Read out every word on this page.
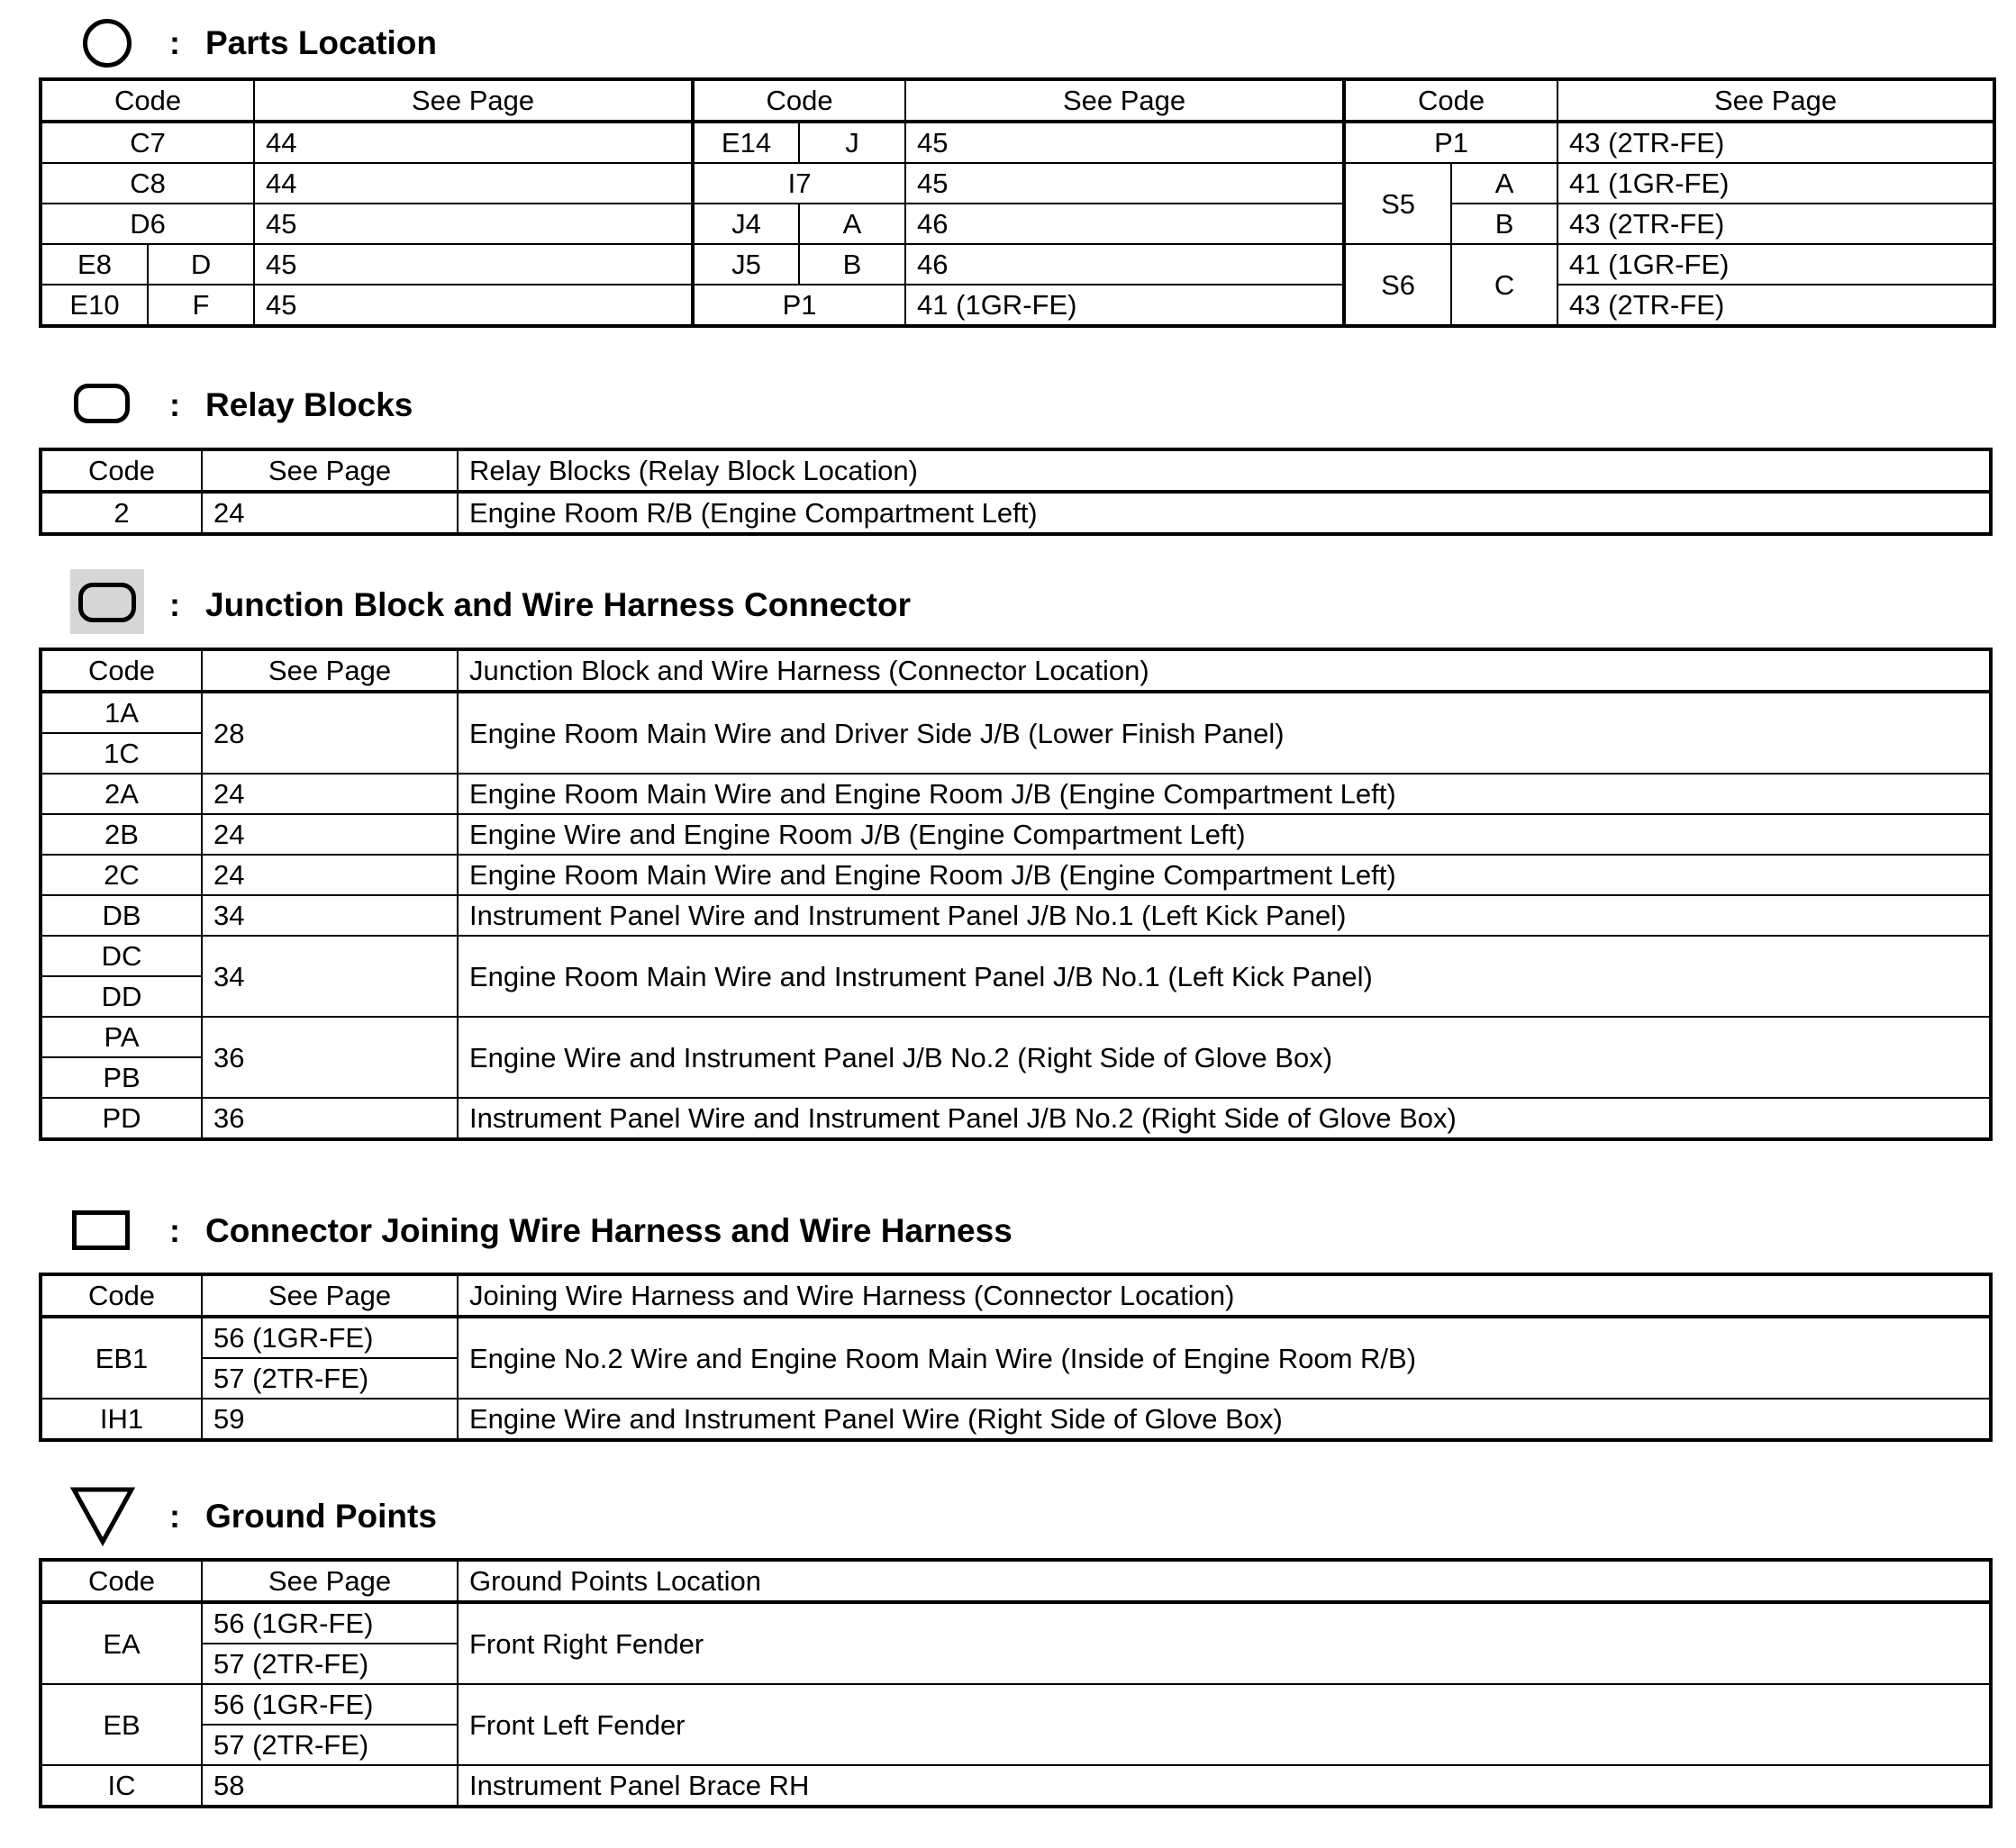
: Parts Location
Code		See Page	Code		See Page	Code		See Page
C7		44	E14	J	45	P1		43 (2TR-FE)
C8		44	I7		45	S5	A	41 (1GR-FE)
D6		45	J4	A	46		B	43 (2TR-FE)
E8	D	45	J5	B	46	S6	C	41 (1GR-FE)
E10	F	45	P1		41 (1GR-FE)			43 (2TR-FE)
: Relay Blocks
Code	See Page	Relay Blocks (Relay Block Location)
2	24	Engine Room R/B (Engine Compartment Left)
: Junction Block and Wire Harness Connector
Code	See Page	Junction Block and Wire Harness (Connector Location)
1A	28	Engine Room Main Wire and Driver Side J/B (Lower Finish Panel)
1C		
2A	24	Engine Room Main Wire and Engine Room J/B (Engine Compartment Left)
2B	24	Engine Wire and Engine Room J/B (Engine Compartment Left)
2C	24	Engine Room Main Wire and Engine Room J/B (Engine Compartment Left)
DB	34	Instrument Panel Wire and Instrument Panel J/B No.1 (Left Kick Panel)
DC	34	Engine Room Main Wire and Instrument Panel J/B No.1 (Left Kick Panel)
DD		
PA	36	Engine Wire and Instrument Panel J/B No.2 (Right Side of Glove Box)
PB		
PD	36	Instrument Panel Wire and Instrument Panel J/B No.2 (Right Side of Glove Box)
: Connector Joining Wire Harness and Wire Harness
Code	See Page	Joining Wire Harness and Wire Harness (Connector Location)
EB1	56 (1GR-FE)	Engine No.2 Wire and Engine Room Main Wire (Inside of Engine Room R/B)
	57 (2TR-FE)	
IH1	59	Engine Wire and Instrument Panel Wire (Right Side of Glove Box)
: Ground Points
Code	See Page	Ground Points Location
EA	56 (1GR-FE)	Front Right Fender
	57 (2TR-FE)	
EB	56 (1GR-FE)	Front Left Fender
	57 (2TR-FE)	
IC	58	Instrument Panel Brace RH
